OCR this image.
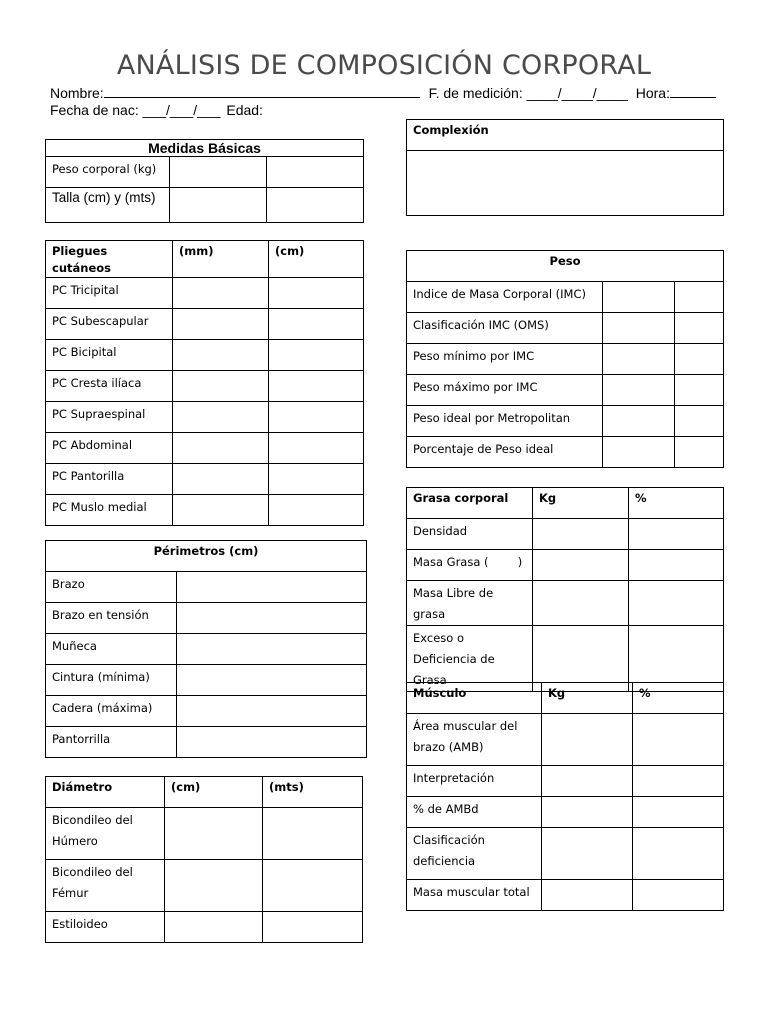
ANÁLISIS DE COMPOSICIÓN CORPORAL
Nombre:	F. de medición: ____/____/____ Hora:
Fecha de nac: ___/___/___ Edad:
Medidas Básicas		
Peso corporal (kg)		
Talla (cm) y (mts)		
Pliegues cutáneos	(mm)	(cm)
PC Tricipital		
PC Subescapular		
PC Bicipital		
PC Cresta ilíaca		
PC Supraespinal		
PC Abdominal		
PC Pantorilla		
PC Muslo medial		
Périmetros (cm)	
Brazo	
Brazo en tensión	
Muñeca	
Cintura (mínima)	
Cadera (máxima)	
Pantorrilla	
Diámetro	(cm)	(mts)
Bicondileo del Húmero		
Bicondileo del Fémur		
Estiloideo		
Complexión

Peso		
Indice de Masa Corporal (IMC)		
Clasificación IMC (OMS)		
Peso mínimo por IMC		
Peso máximo por IMC		
Peso ideal por Metropolitan		
Porcentaje de Peso ideal		
Grasa corporal	Kg	%
Densidad		
Masa Grasa (        )		
Masa Libre de grasa		
Exceso o Deficiencia de Grasa		
Músculo	Kg	%
Área muscular del brazo (AMB)		
Interpretación		
% de AMBd		
Clasificación deficiencia		
Masa muscular total		
